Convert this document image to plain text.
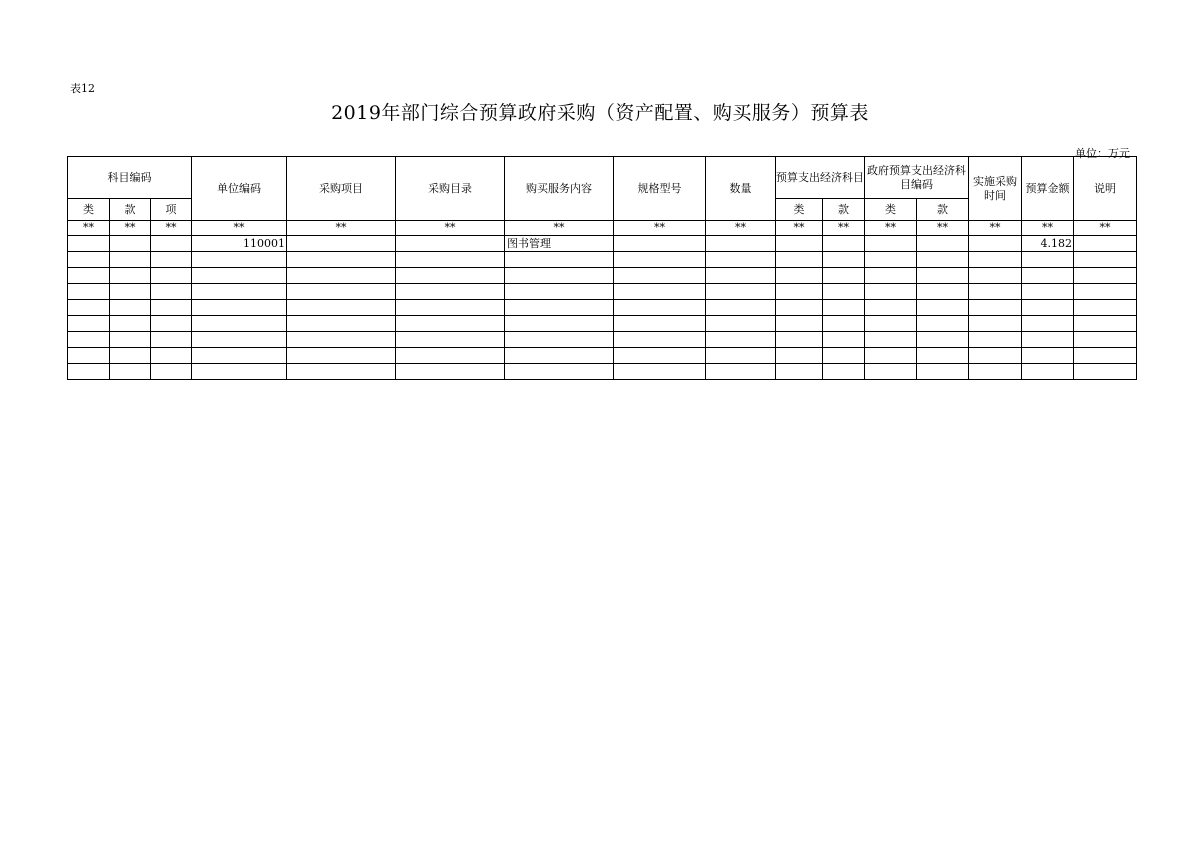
表12
2019年部门综合预算政府采购（资产配置、购买服务）预算表
单位：万元
科目编码			单位编码	采购项目	采购目录	购买服务内容	规格型号	数量	预算支出经济科目		政府预算支出经济科目编码		实施采购时间	预算金额	说明
类	款	项							类	款	类	款			
**	**	**	**	**	**	**	**	**	**	**	**	**	**	**	**
			110001			图书管理								4.182	
